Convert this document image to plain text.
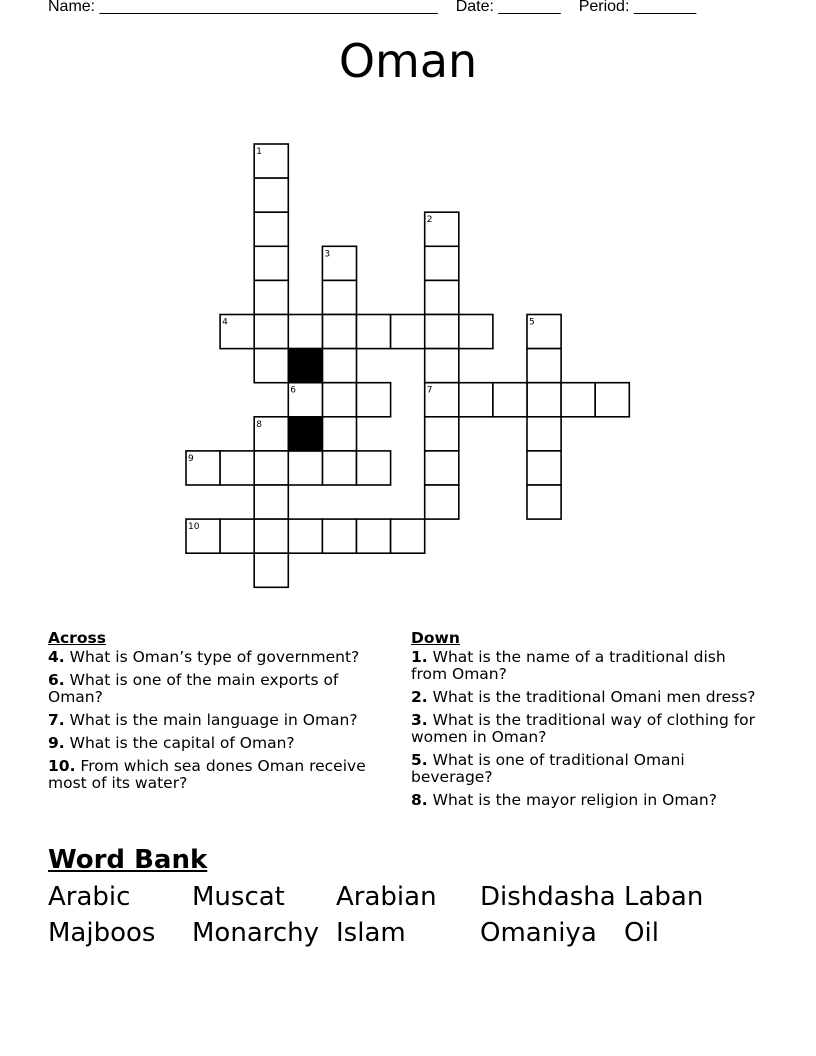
Name: ______________________________________ Date: _______ Period: _______
Oman
1
2
3
4	5
6	7
8
9
10
Across
4. What is Oman’s type of government?
6. What is one of the main exports of Oman?
7. What is the main language in Oman?
9. What is the capital of Oman?
10. From which sea dones Oman receive most of its water?
Down
1. What is the name of a traditional dish from Oman?
2. What is the traditional Omani men dress?
3. What is the traditional way of clothing for women in Oman?
5. What is one of traditional Omani beverage?
8. What is the mayor religion in Oman?
Word Bank
Arabic	Muscat	Arabian	Dishdasha Laban
Majboos	Monarchy Islam	Omaniya	Oil
